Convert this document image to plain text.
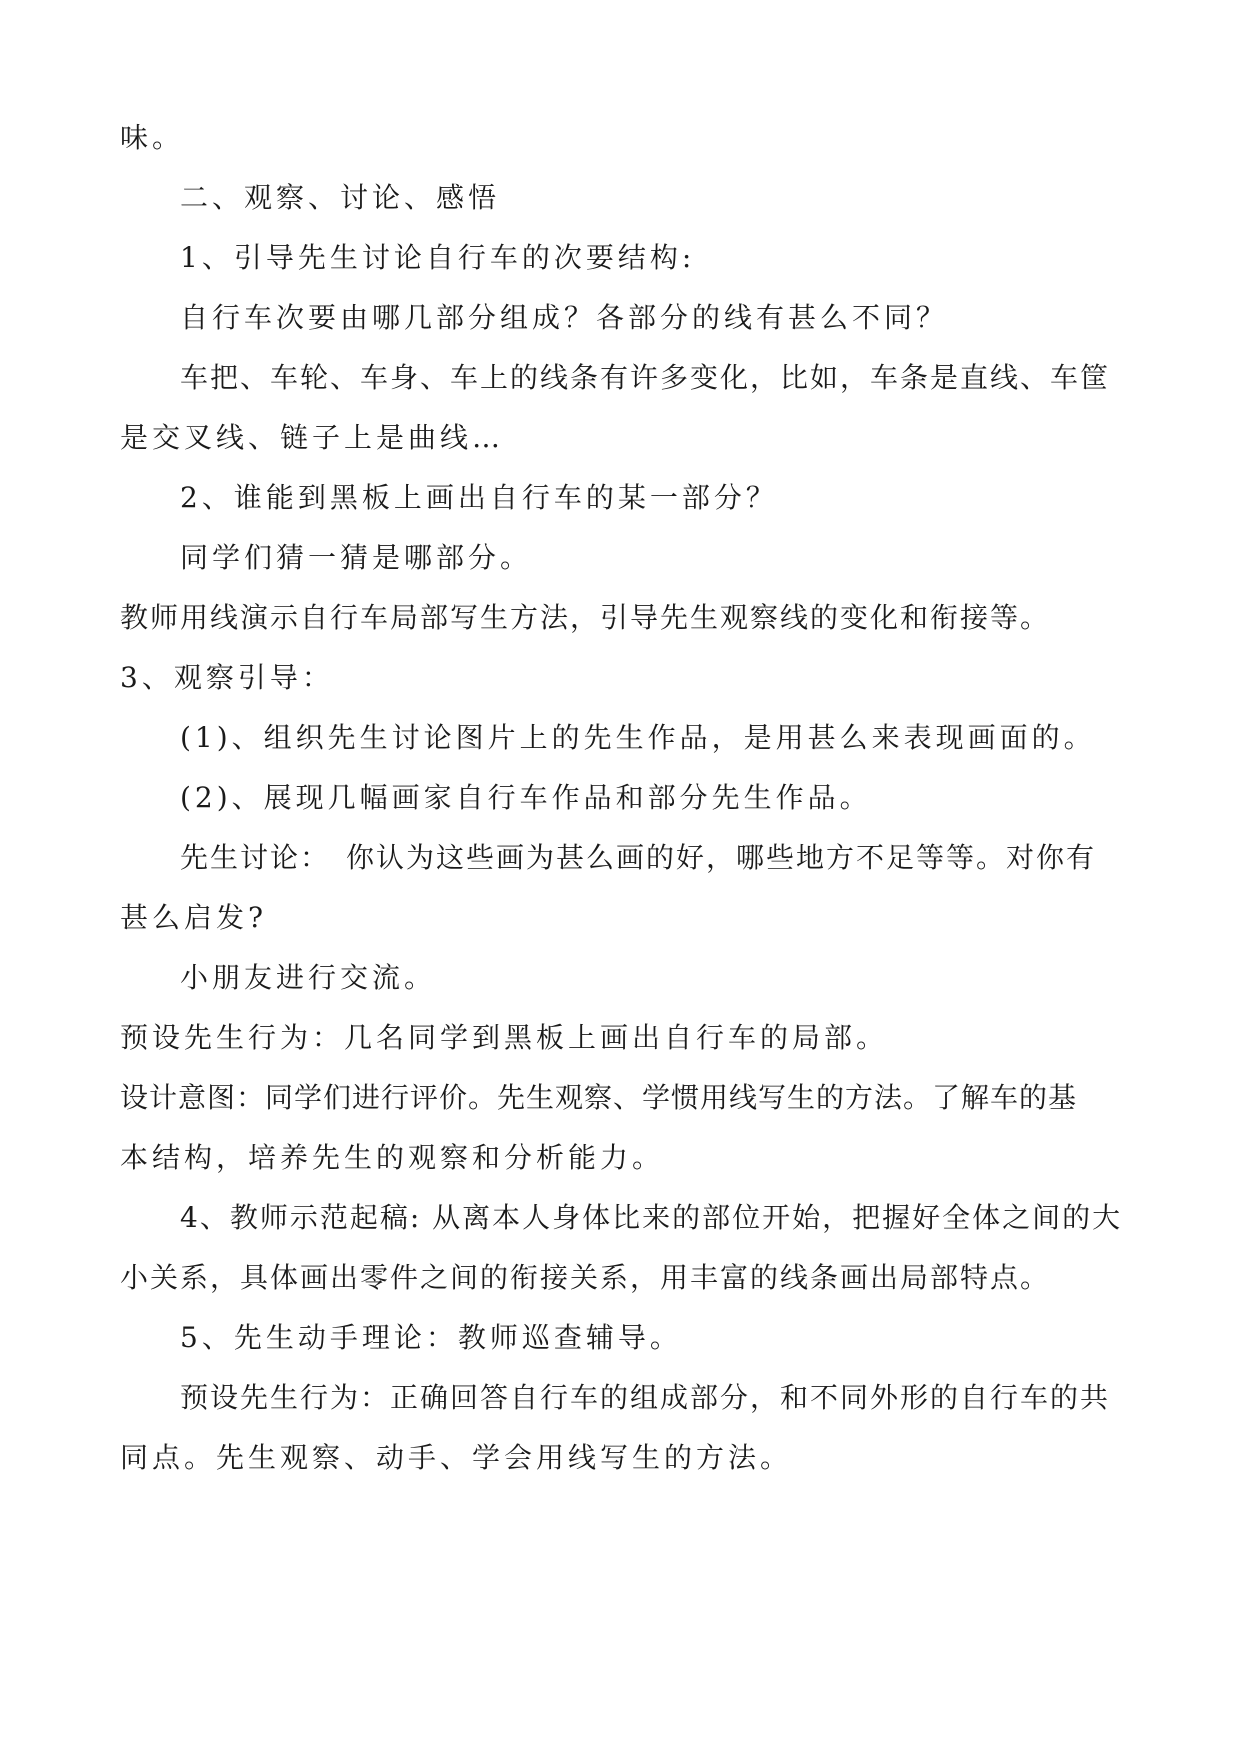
味。
二、观察、讨论、感悟
1、引导先生讨论自行车的次要结构:
自行车次要由哪几部分组成？各部分的线有甚么不同？
车把、车轮、车身、车上的线条有许多变化，比如，车条是直线、车筐
是交叉线、链子上是曲线…
2、谁能到黑板上画出自行车的某一部分？
同学们猜一猜是哪部分。
教师用线演示自行车局部写生方法，引导先生观察线的变化和衔接等。
3、观察引导：
(1)、组织先生讨论图片上的先生作品，是用甚么来表现画面的。
(2)、展现几幅画家自行车作品和部分先生作品。
先生讨论：　你认为这些画为甚么画的好，哪些地方不足等等。对你有
甚么启发?
小朋友进行交流。
预设先生行为：几名同学到黑板上画出自行车的局部。
设计意图：同学们进行评价。先生观察、学惯用线写生的方法。了解车的基
本结构，培养先生的观察和分析能力。
4、教师示范起稿: 从离本人身体比来的部位开始，把握好全体之间的大
小关系，具体画出零件之间的衔接关系，用丰富的线条画出局部特点。
5、先生动手理论：教师巡查辅导。
预设先生行为：正确回答自行车的组成部分，和不同外形的自行车的共
同点。先生观察、动手、学会用线写生的方法。
